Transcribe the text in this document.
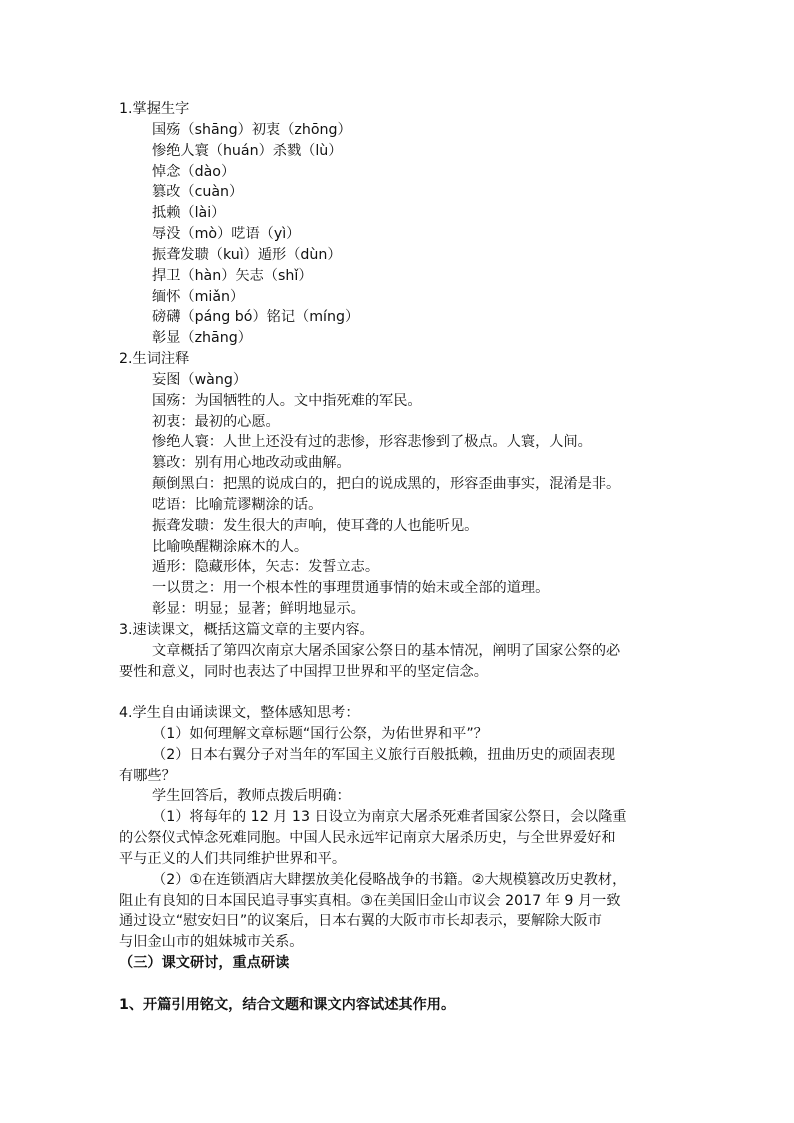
1.掌握生字
国殇（shāng）初衷（zhōng）
惨绝人寰（huán）杀戮（lù）
悼念（dào）
篡改（cuàn）
抵赖（lài）
辱没（mò）呓语（yì）
振聋发聩（kuì）遁形（dùn）
捍卫（hàn）矢志（shǐ）
缅怀（miǎn）
磅礴（páng bó）铭记（míng）
彰显（zhāng）
2.生词注释
妄图（wàng）
国殇：为国牺牲的人。文中指死难的军民。
初衷：最初的心愿。
惨绝人寰：人世上还没有过的悲惨，形容悲惨到了极点。人寰，人间。
篡改：别有用心地改动或曲解。
颠倒黑白：把黑的说成白的，把白的说成黑的，形容歪曲事实，混淆是非。
呓语：比喻荒谬糊涂的话。
振聋发聩：发生很大的声响，使耳聋的人也能听见。
比喻唤醒糊涂麻木的人。
遁形：隐藏形体，矢志：发誓立志。
一以贯之：用一个根本性的事理贯通事情的始末或全部的道理。
彰显：明显；显著；鲜明地显示。
3.速读课文，概括这篇文章的主要内容。
文章概括了第四次南京大屠杀国家公祭日的基本情况，阐明了国家公祭的必
要性和意义，同时也表达了中国捍卫世界和平的坚定信念。
4.学生自由诵读课文，整体感知思考：
（1）如何理解文章标题“国行公祭，为佑世界和平”？
（2）日本右翼分子对当年的军国主义旅行百般抵赖，扭曲历史的顽固表现
有哪些？
学生回答后，教师点拨后明确：
（1）将每年的 12 月 13 日设立为南京大屠杀死难者国家公祭日，会以隆重
的公祭仪式悼念死难同胞。中国人民永远牢记南京大屠杀历史，与全世界爱好和
平与正义的人们共同维护世界和平。
（2）①在连锁酒店大肆摆放美化侵略战争的书籍。②大规模篡改历史教材，
阻止有良知的日本国民追寻事实真相。③在美国旧金山市议会 2017 年 9 月一致
通过设立“慰安妇日”的议案后，日本右翼的大阪市市长却表示，要解除大阪市
与旧金山市的姐妹城市关系。
（三）课文研讨，重点研读
1、开篇引用铭文，结合文题和课文内容试述其作用。
